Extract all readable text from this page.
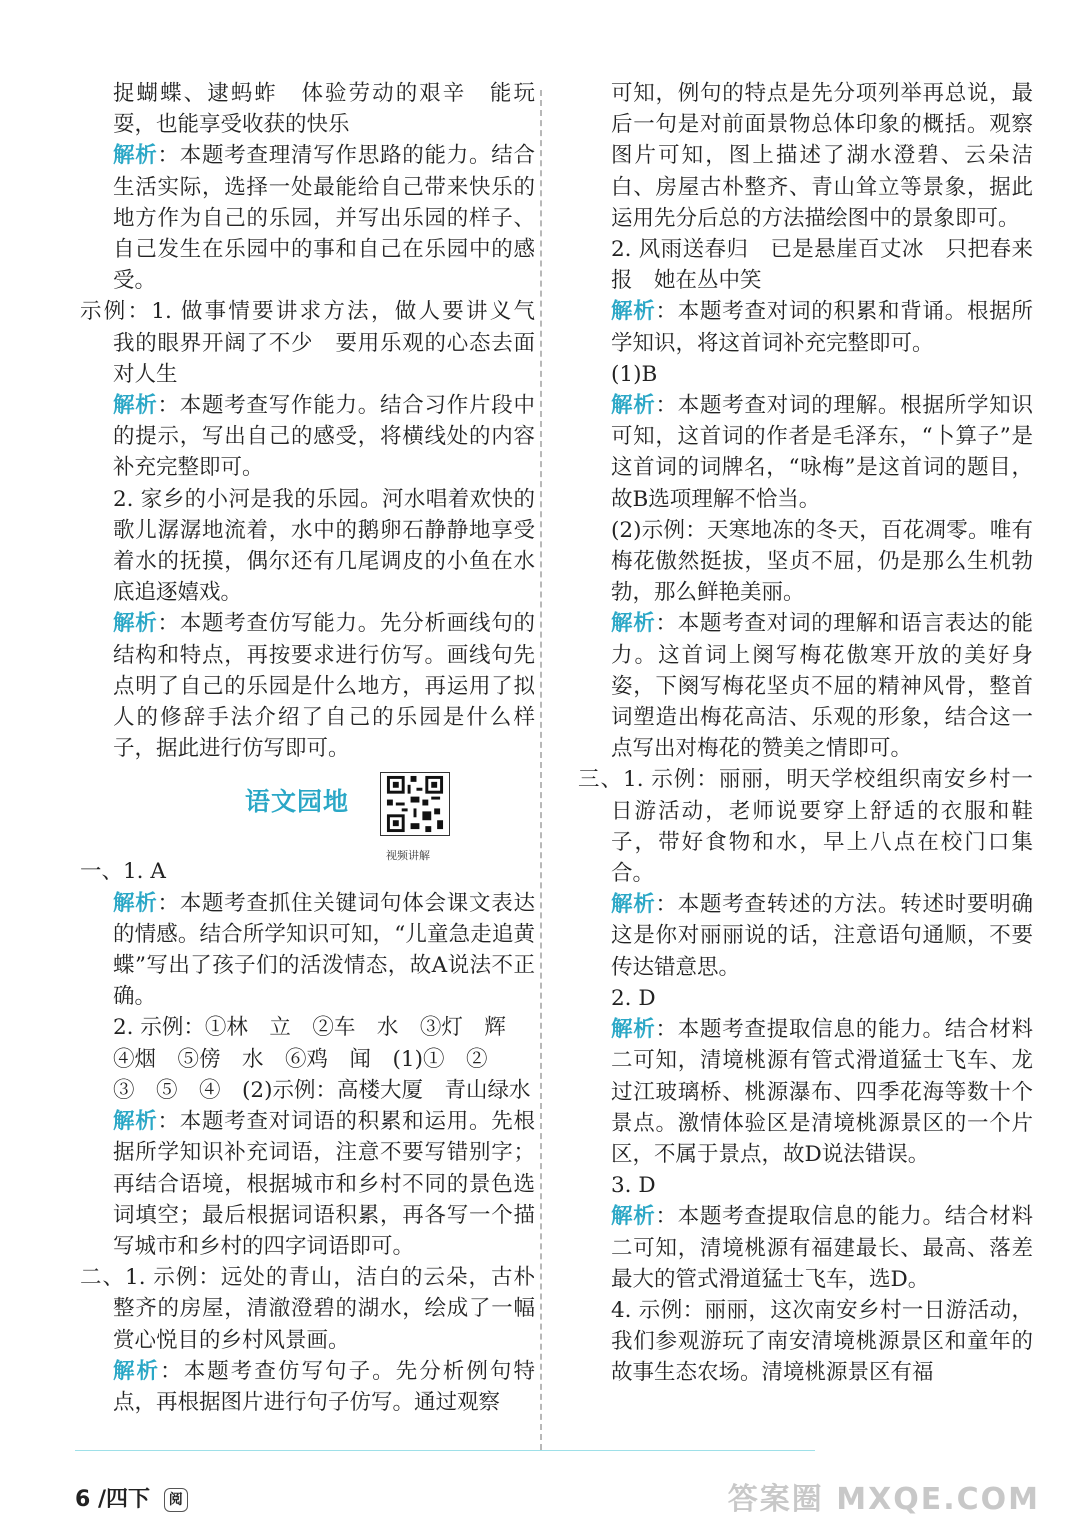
捉蝴蝶、逮蚂蚱　体验劳动的艰辛　能玩耍，也能享受收获的快乐

解析：本题考查理清写作思路的能力。结合生活实际，选择一处最能给自己带来快乐的地方作为自己的乐园，并写出乐园的样子、自己发生在乐园中的事和自己在乐园中的感受。

示例：1. 做事情要讲求方法，做人要讲义气　我的眼界开阔了不少　要用乐观的心态去面对人生

解析：本题考查写作能力。结合习作片段中的提示，写出自己的感受，将横线处的内容补充完整即可。

2. 家乡的小河是我的乐园。河水唱着欢快的歌儿潺潺地流着，水中的鹅卵石静静地享受着水的抚摸，偶尔还有几尾调皮的小鱼在水底追逐嬉戏。

解析：本题考查仿写能力。先分析画线句的结构和特点，再按要求进行仿写。画线句先点明了自己的乐园是什么地方，再运用了拟人的修辞手法介绍了自己的乐园是什么样子，据此进行仿写即可。

语文园地
视频讲解

一、1. A

解析：本题考查抓住关键词句体会课文表达的情感。结合所学知识可知，“儿童急走追黄蝶”写出了孩子们的活泼情态，故A说法不正确。

2. 示例：①林　立　②车　水　③灯　辉

④烟　⑤傍　水　⑥鸡　闻　(1)①　②

③　⑤　④　(2)示例：高楼大厦　青山绿水

解析：本题考查对词语的积累和运用。先根据所学知识补充词语，注意不要写错别字；再结合语境，根据城市和乡村不同的景色选词填空；最后根据词语积累，再各写一个描写城市和乡村的四字词语即可。

二、1. 示例：远处的青山，洁白的云朵，古朴整齐的房屋，清澈澄碧的湖水，绘成了一幅赏心悦目的乡村风景画。

解析：本题考查仿写句子。先分析例句特点，再根据图片进行句子仿写。通过观察

可知，例句的特点是先分项列举再总说，最后一句是对前面景物总体印象的概括。观察图片可知，图上描述了湖水澄碧、云朵洁白、房屋古朴整齐、青山耸立等景象，据此运用先分后总的方法描绘图中的景象即可。

2. 风雨送春归　已是悬崖百丈冰　只把春来报　她在丛中笑

解析：本题考查对词的积累和背诵。根据所学知识，将这首词补充完整即可。

(1)B

解析：本题考查对词的理解。根据所学知识可知，这首词的作者是毛泽东，“卜算子”是这首词的词牌名，“咏梅”是这首词的题目，故B选项理解不恰当。

(2)示例：天寒地冻的冬天，百花凋零。唯有梅花傲然挺拔，坚贞不屈，仍是那么生机勃勃，那么鲜艳美丽。

解析：本题考查对词的理解和语言表达的能力。这首词上阕写梅花傲寒开放的美好身姿，下阕写梅花坚贞不屈的精神风骨，整首词塑造出梅花高洁、乐观的形象，结合这一点写出对梅花的赞美之情即可。

三、1. 示例：丽丽，明天学校组织南安乡村一日游活动，老师说要穿上舒适的衣服和鞋子，带好食物和水，早上八点在校门口集合。

解析：本题考查转述的方法。转述时要明确这是你对丽丽说的话，注意语句通顺，不要传达错意思。

2. D

解析：本题考查提取信息的能力。结合材料二可知，清境桃源有管式滑道猛士飞车、龙过江玻璃桥、桃源瀑布、四季花海等数十个景点。激情体验区是清境桃源景区的一个片区，不属于景点，故D说法错误。

3. D

解析：本题考查提取信息的能力。结合材料二可知，清境桃源有福建最长、最高、落差最大的管式滑道猛士飞车，选D。

4. 示例：丽丽，这次南安乡村一日游活动，我们参观游玩了南安清境桃源景区和童年的故事生态农场。清境桃源景区有福

6 /四下 阅	答案圈 MXQE.COM
